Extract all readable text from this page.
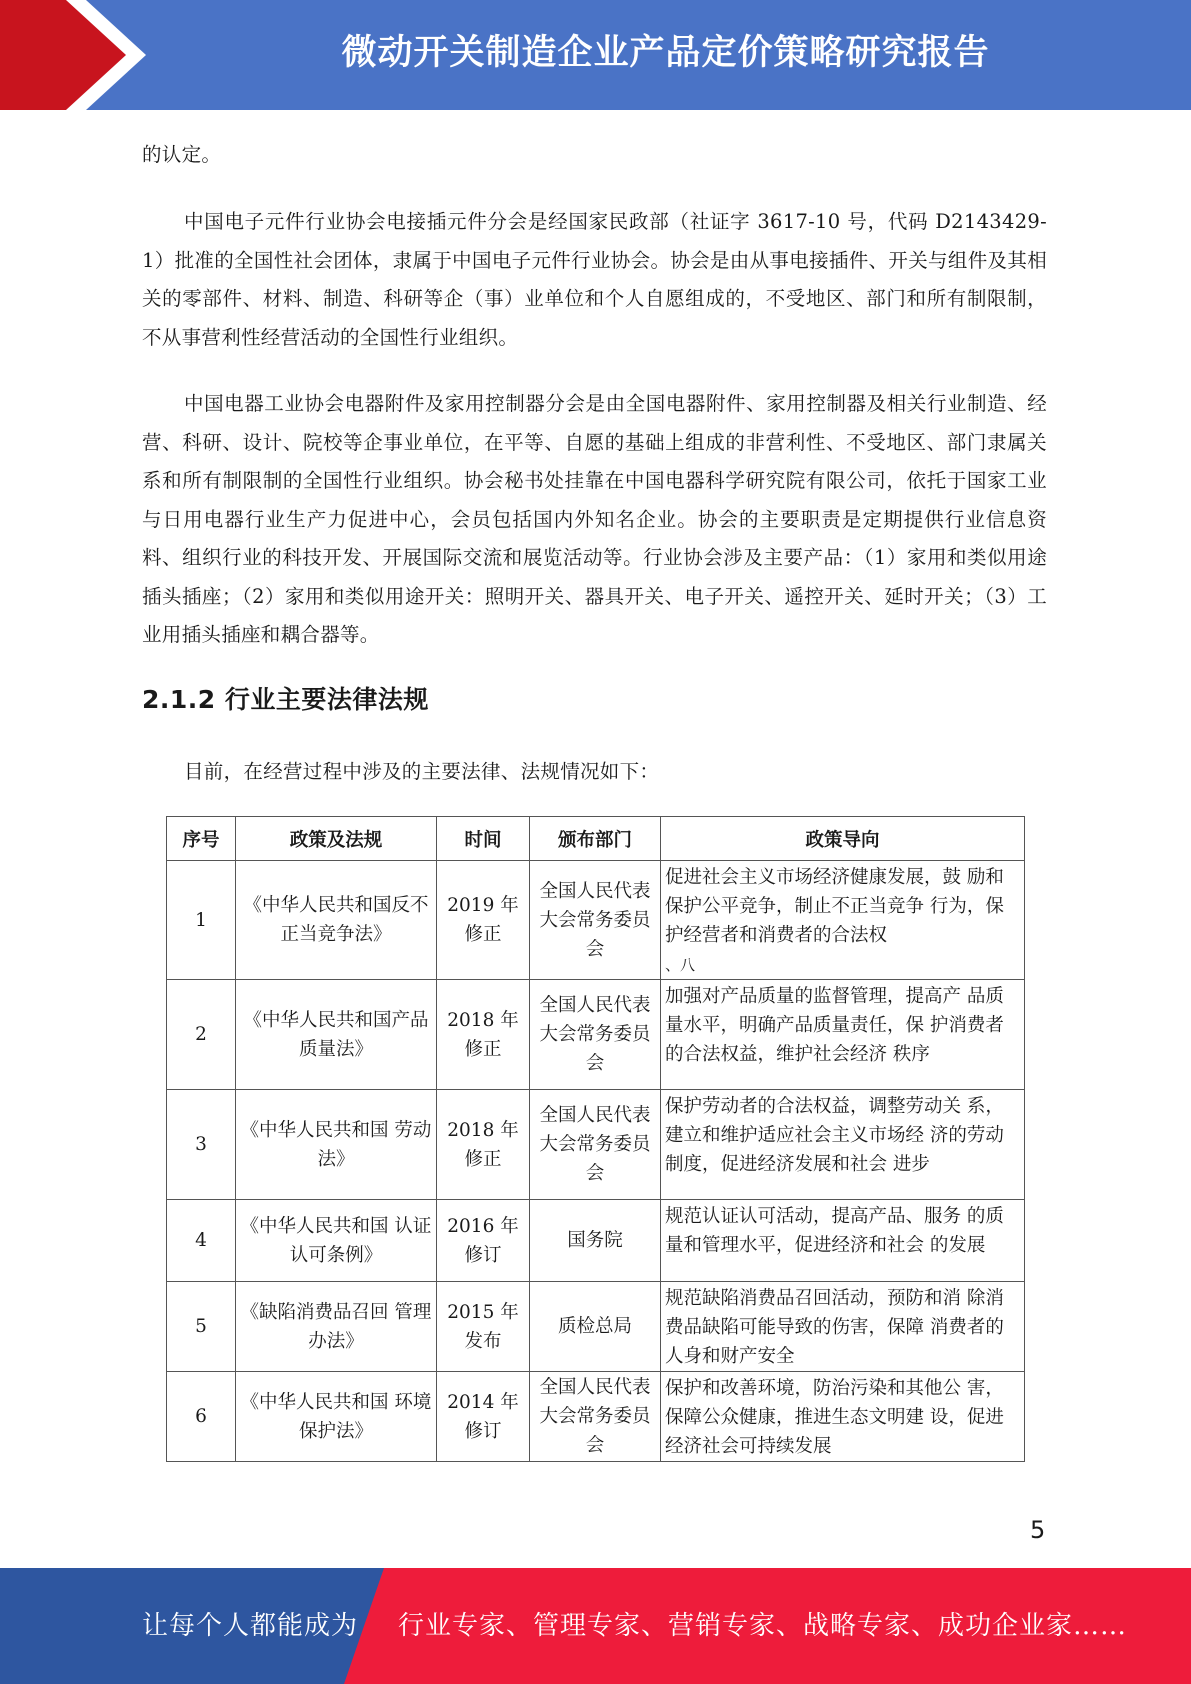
微动开关制造企业产品定价策略研究报告

的认定。

中国电子元件行业协会电接插元件分会是经国家民政部（社证字 3617-10 号，代码 D2143429-1）批准的全国性社会团体，隶属于中国电子元件行业协会。协会是由从事电接插件、开关与组件及其相关的零部件、材料、制造、科研等企（事）业单位和个人自愿组成的，不受地区、部门和所有制限制，不从事营利性经营活动的全国性行业组织。

中国电器工业协会电器附件及家用控制器分会是由全国电器附件、家用控制器及相关行业制造、经营、科研、设计、院校等企事业单位，在平等、自愿的基础上组成的非营利性、不受地区、部门隶属关系和所有制限制的全国性行业组织。协会秘书处挂靠在中国电器科学研究院有限公司，依托于国家工业与日用电器行业生产力促进中心，会员包括国内外知名企业。协会的主要职责是定期提供行业信息资料、组织行业的科技开发、开展国际交流和展览活动等。行业协会涉及主要产品：（1）家用和类似用途插头插座；（2）家用和类似用途开关：照明开关、器具开关、电子开关、遥控开关、延时开关；（3）工业用插头插座和耦合器等。

2.1.2 行业主要法律法规

目前，在经营过程中涉及的主要法律、法规情况如下：

序号	政策及法规	时间	颁布部门	政策导向
1	《中华人民共和国反不正当竞争法》	2019 年修正	全国人民代表大会常务委员会	促进社会主义市场经济健康发展，鼓 励和保护公平竞争，制止不正当竞争 行为，保护经营者和消费者的合法权
、八
2	《中华人民共和国产品质量法》	2018 年修正	全国人民代表大会常务委员会	加强对产品质量的监督管理，提高产 品质量水平，明确产品质量责任，保 护消费者的合法权益，维护社会经济 秩序
3	《中华人民共和国 劳动法》	2018 年修正	全国人民代表大会常务委员会	保护劳动者的合法权益，调整劳动关 系，建立和维护适应社会主义市场经 济的劳动制度，促进经济发展和社会 进步
4	《中华人民共和国 认证认可条例》	2016 年修订	国务院	规范认证认可活动，提高产品、服务 的质量和管理水平，促进经济和社会 的发展
5	《缺陷消费品召回 管理办法》	2015 年发布	质检总局	规范缺陷消费品召回活动，预防和消 除消费品缺陷可能导致的伤害，保障 消费者的人身和财产安全
6	《中华人民共和国 环境保护法》	2014 年修订	全国人民代表大会常务委员会	保护和改善环境，防治污染和其他公 害，保障公众健康，推进生态文明建 设，促进经济社会可持续发展
5
让每个人都能成为 行业专家、管理专家、营销专家、战略专家、成功企业家……
